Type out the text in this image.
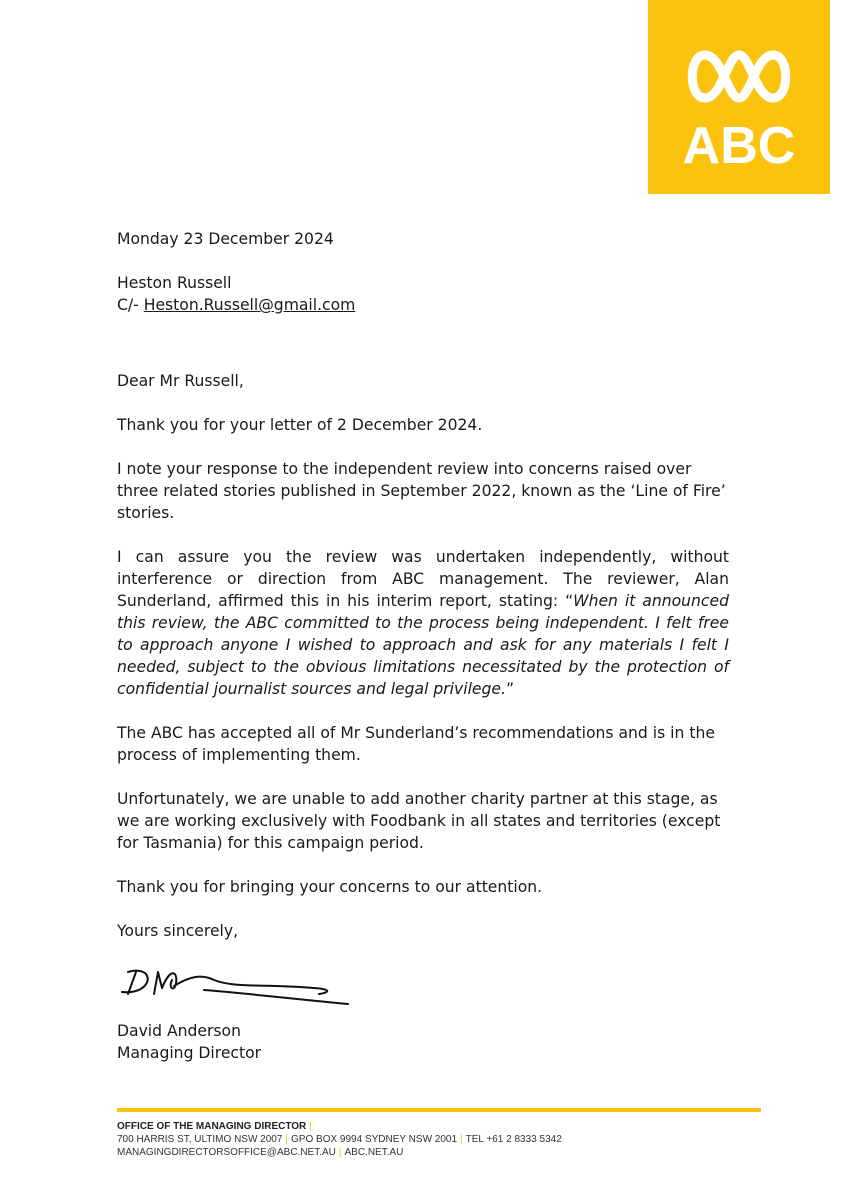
ABC
Monday 23 December 2024
Heston Russell
C/- Heston.Russell@gmail.com

Dear Mr Russell,

Thank you for your letter of 2 December 2024.

I note your response to the independent review into concerns raised over three related stories published in September 2022, known as the ‘Line of Fire’ stories.

I can assure you the review was undertaken independently, without interference or direction from ABC management. The reviewer, Alan Sunderland, affirmed this in his interim report, stating: “When it announced this review, the ABC committed to the process being independent. I felt free to approach anyone I wished to approach and ask for any materials I felt I needed, subject to the obvious limitations necessitated by the protection of confidential journalist sources and legal privilege.”

The ABC has accepted all of Mr Sunderland’s recommendations and is in the process of implementing them.

Unfortunately, we are unable to add another charity partner at this stage, as we are working exclusively with Foodbank in all states and territories (except for Tasmania) for this campaign period.

Thank you for bringing your concerns to our attention.

Yours sincerely,

David Anderson
Managing Director
OFFICE OF THE MANAGING DIRECTOR |
700 HARRIS ST, ULTIMO NSW 2007 | GPO BOX 9994 SYDNEY NSW 2001 | TEL +61 2 8333 5342
MANAGINGDIRECTORSOFFICE@ABC.NET.AU | ABC.NET.AU
